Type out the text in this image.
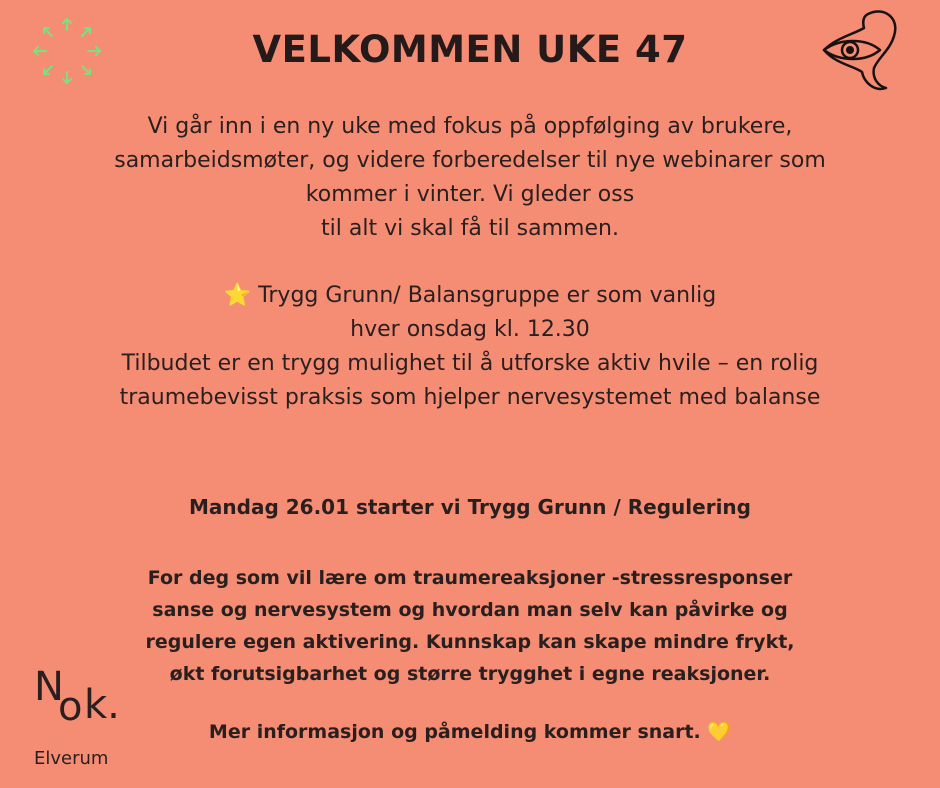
VELKOMMEN UKE 47
Vi går inn i en ny uke med fokus på oppfølging av brukere,
samarbeidsmøter, og videre forberedelser til nye webinarer som
kommer i vinter. Vi gleder oss
til alt vi skal få til sammen.
⭐ Trygg Grunn/ Balansgruppe er som vanlig
hver onsdag kl. 12.30
Tilbudet er en trygg mulighet til å utforske aktiv hvile – en rolig
traumebevisst praksis som hjelper nervesystemet med balanse
Mandag 26.01 starter vi Trygg Grunn / Regulering
For deg som vil lære om traumereaksjoner -stressresponser
sanse og nervesystem og hvordan man selv kan påvirke og
regulere egen aktivering. Kunnskap kan skape mindre frykt,
økt forutsigbarhet og større trygghet i egne reaksjoner.
Mer informasjon og påmelding kommer snart. 💛
N
o k.
Elverum
